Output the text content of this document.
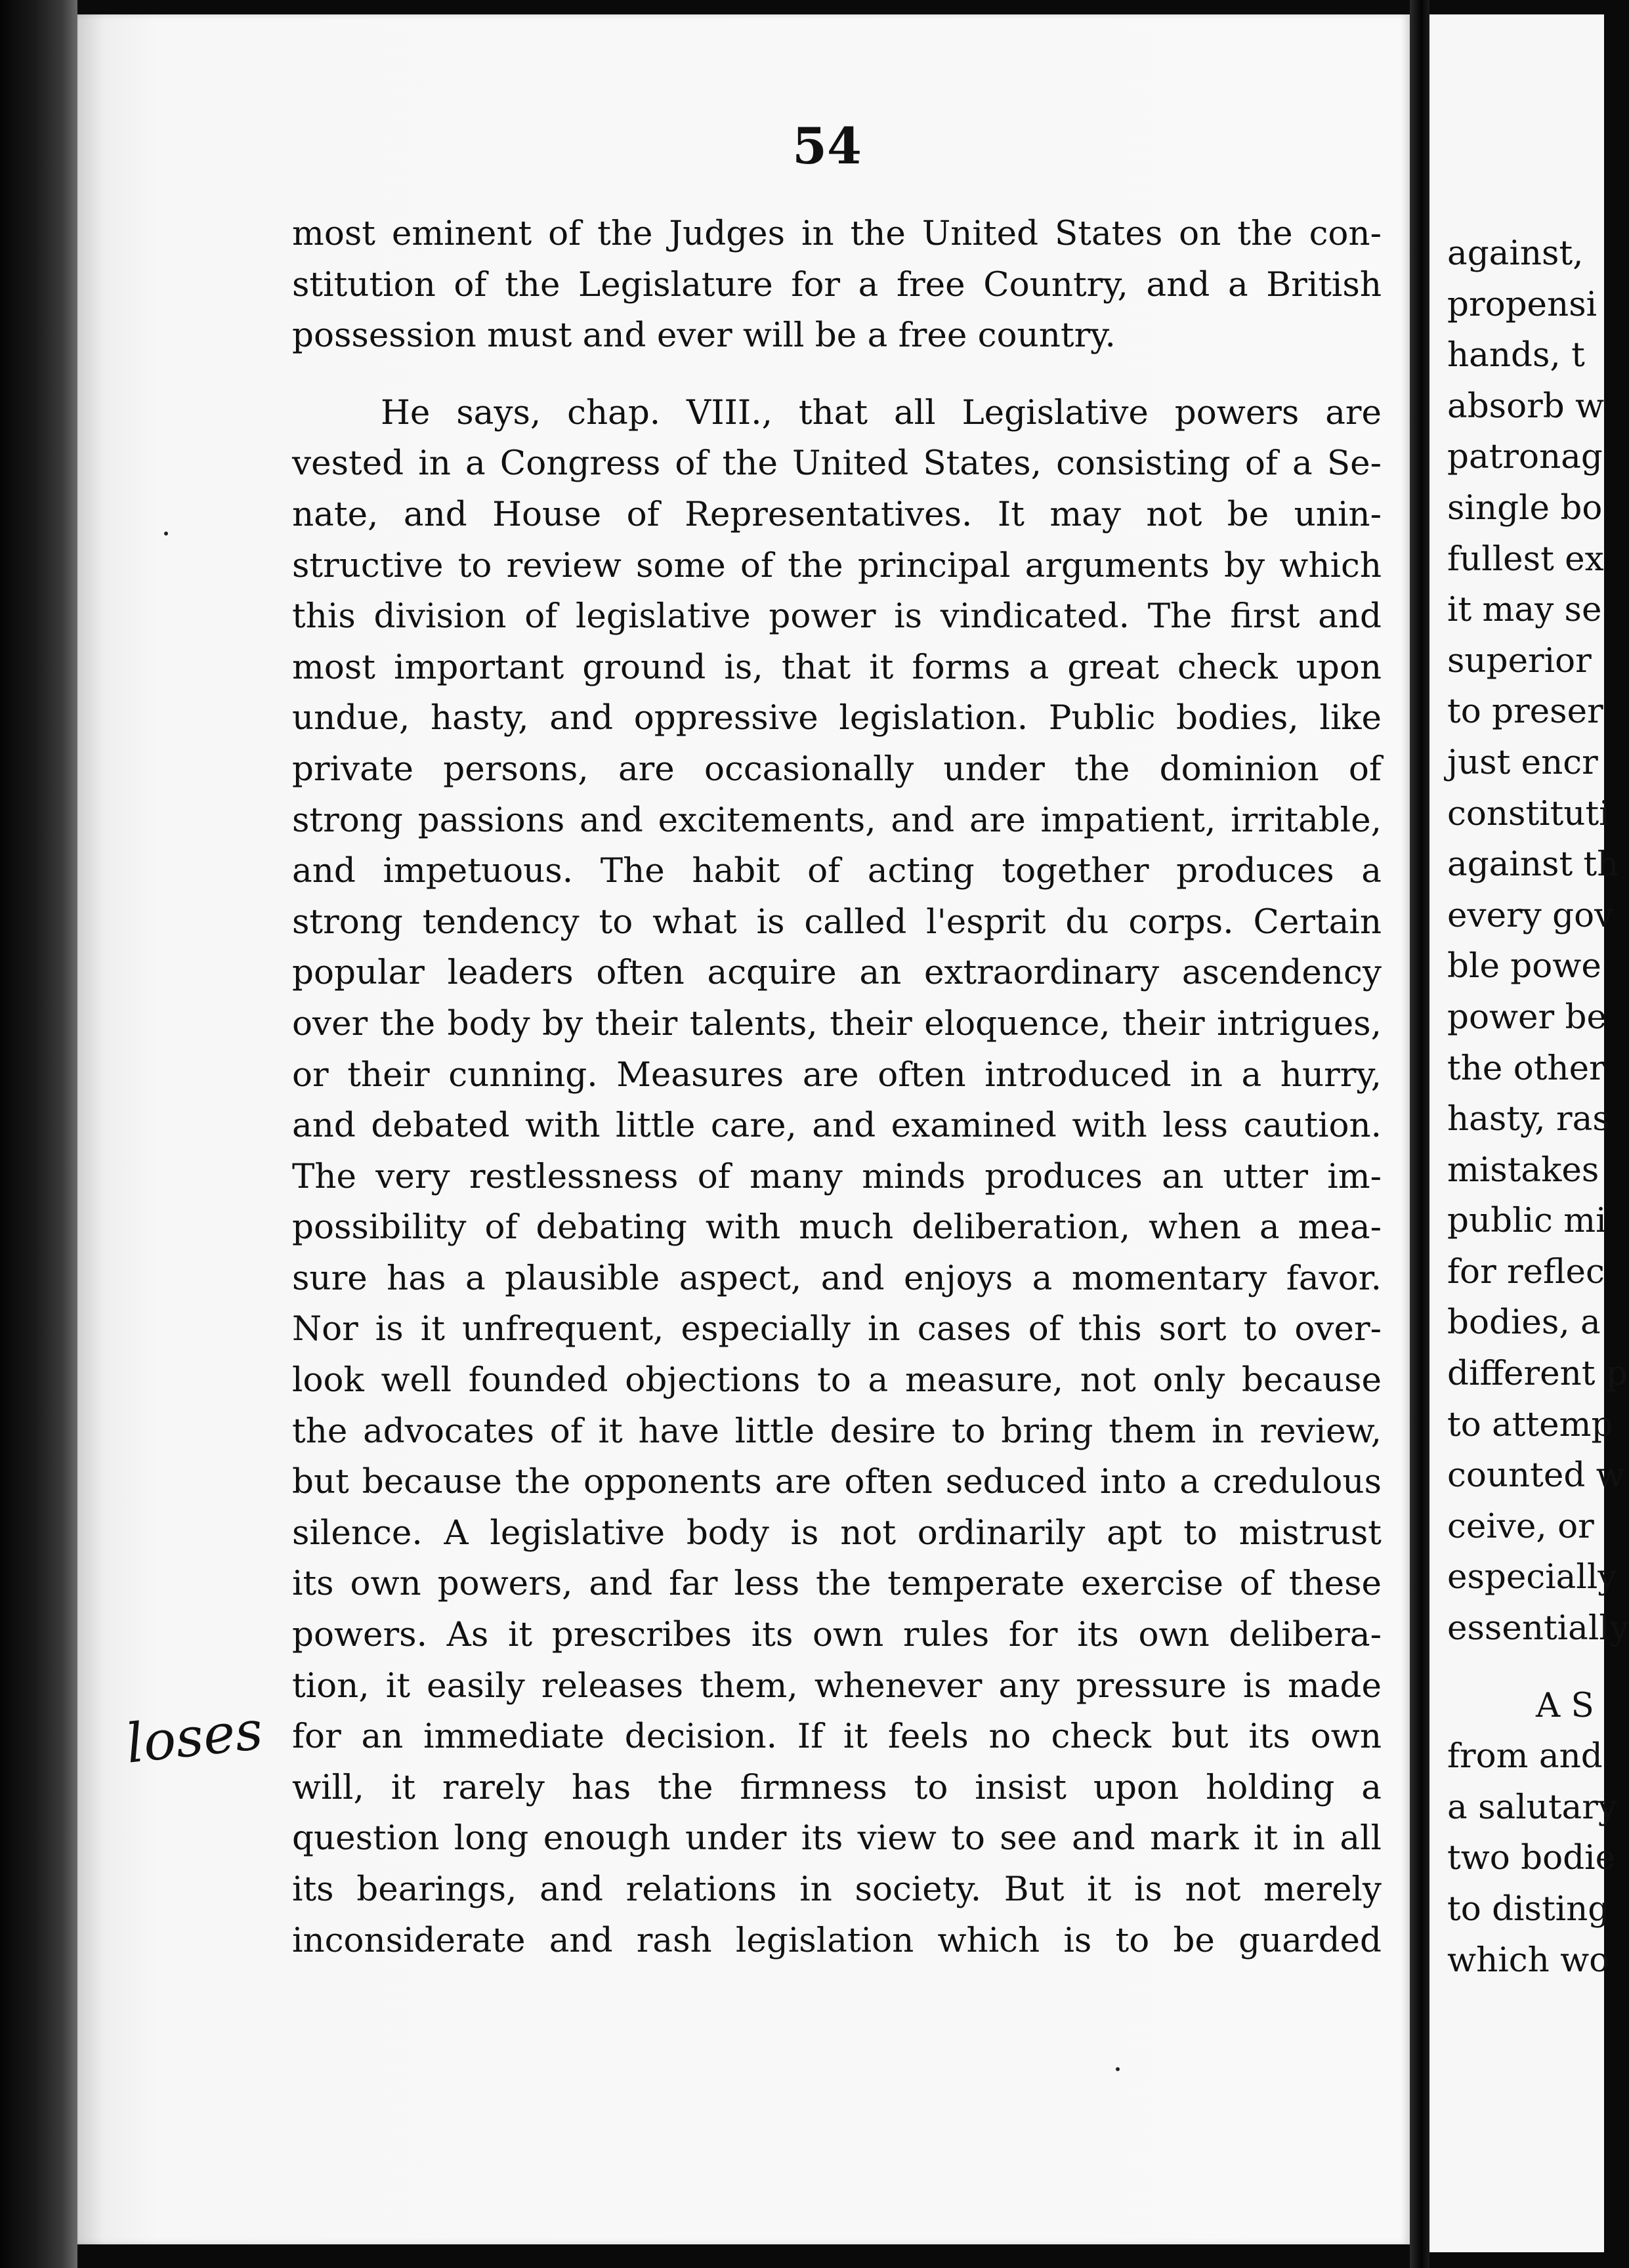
54
most eminent of the Judges in the United States on the con-
stitution of the Legislature for a free Country, and a British
possession must and ever will be a free country.
He says, chap. VIII., that all Legislative powers are
vested in a Congress of the United States, consisting of a Se-
nate, and House of Representatives. It may not be unin-
structive to review some of the principal arguments by which
this division of legislative power is vindicated. The first and
most important ground is, that it forms a great check upon
undue, hasty, and oppressive legislation. Public bodies, like
private persons, are occasionally under the dominion of
strong passions and excitements, and are impatient, irritable,
and impetuous. The habit of acting together produces a
strong tendency to what is called l'esprit du corps. Certain
popular leaders often acquire an extraordinary ascendency
over the body by their talents, their eloquence, their intrigues,
or their cunning. Measures are often introduced in a hurry,
and debated with little care, and examined with less caution.
The very restlessness of many minds produces an utter im-
possibility of debating with much deliberation, when a mea-
sure has a plausible aspect, and enjoys a momentary favor.
Nor is it unfrequent, especially in cases of this sort to over-
look well founded objections to a measure, not only because
the advocates of it have little desire to bring them in review,
but because the opponents are often seduced into a credulous
silence. A legislative body is not ordinarily apt to mistrust
its own powers, and far less the temperate exercise of these
powers. As it prescribes its own rules for its own delibera-
tion, it easily releases them, whenever any pressure is made
for an immediate decision. If it feels no check but its own
will, it rarely has the firmness to insist upon holding a
question long enough under its view to see and mark it in all
its bearings, and relations in society. But it is not merely
inconsiderate and rash legislation which is to be guarded
against,
propensi
hands, t
absorb w
patronag
single bo
fullest ex
it may se
superior
to preser
just encr
constituti
against th
every gov
ble powe
power be
the other
hasty, ras
mistakes
public mi
for reflec
bodies, a
different p
to attemp
counted w
ceive, or
especially
essentially
A S
from and
a salutary
two bodie
to disting
which wo
loses
